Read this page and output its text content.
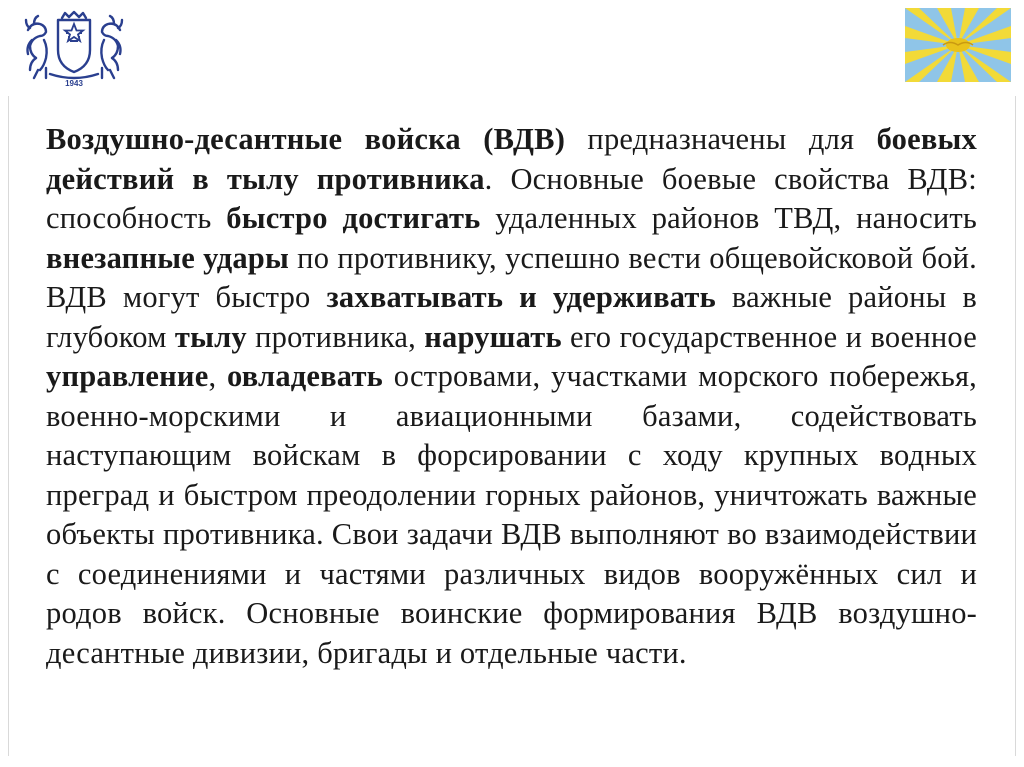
1943
Воздушно-десантные войска (ВДВ) предназначены для боевых действий в тылу противника. Основные боевые свойства ВДВ: способность быстро достигать удаленных районов ТВД, наносить внезапные удары по противнику, успешно вести общевойсковой бой. ВДВ могут быстро захватывать и удерживать важные районы в глубоком тылу противника, нарушать его государственное и военное управление, овладевать островами, участками морского побережья, военно-морскими и авиационными базами, содействовать наступающим войскам в форсировании с ходу крупных водных преград и быстром преодолении горных районов, уничтожать важные объекты противника. Свои задачи ВДВ выполняют во взаимодействии с соединениями и частями различных видов вооружённых сил и родов войск. Основные воинские формирования ВДВ воздушно-десантные дивизии, бригады и отдельные части.
